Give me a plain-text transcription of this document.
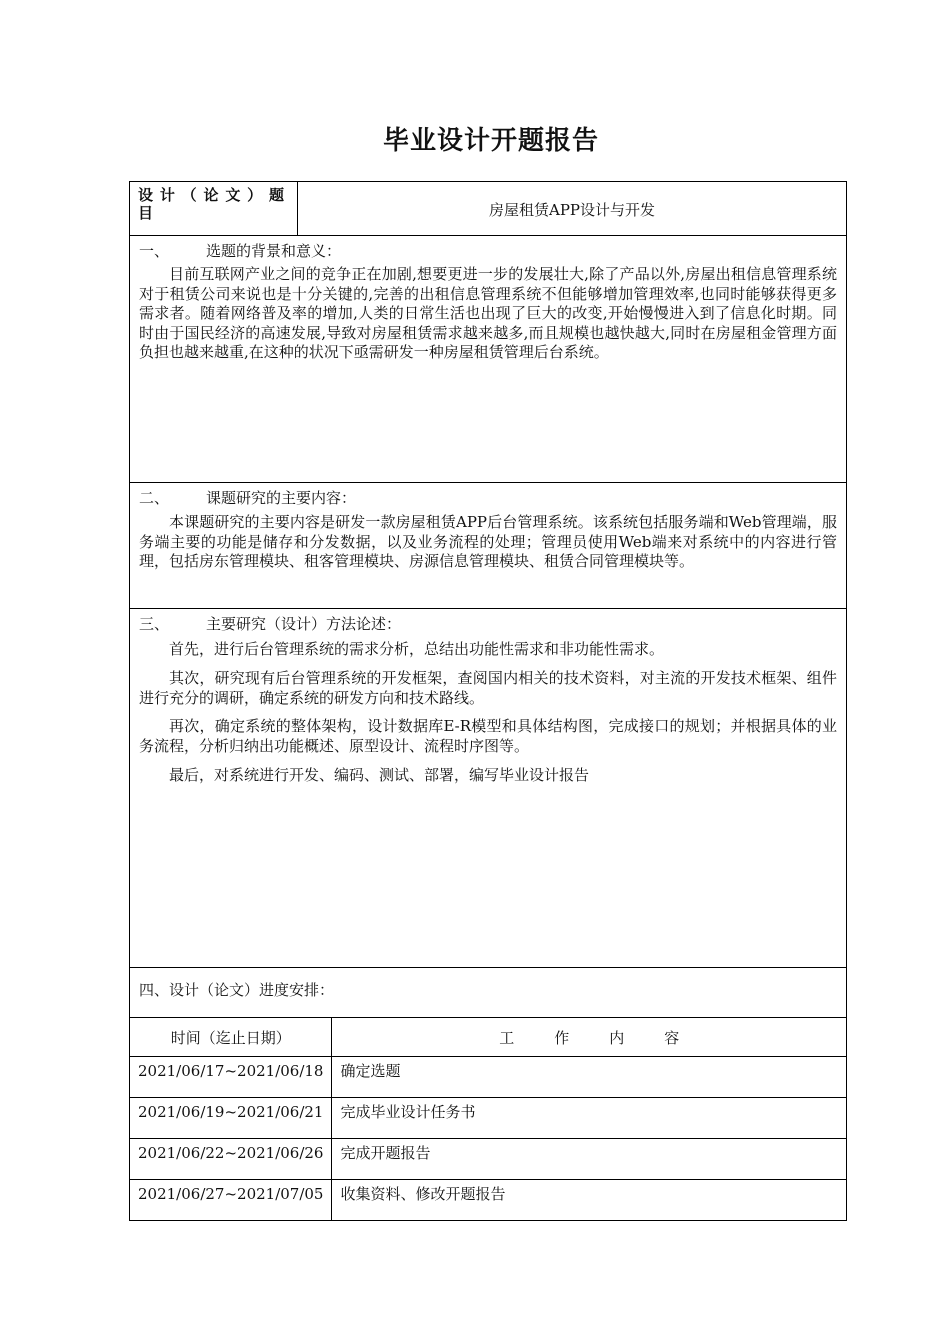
毕业设计开题报告
设计（论文）题目	房屋租赁APP设计与开发
一、 选题的背景和意义：
目前互联网产业之间的竞争正在加剧,想要更进一步的发展壮大,除了产品以外,房屋出租信息管理系统对于租赁公司来说也是十分关键的,完善的出租信息管理系统不但能够增加管理效率,也同时能够获得更多需求者。随着网络普及率的增加,人类的日常生活也出现了巨大的改变,开始慢慢进入到了信息化时期。同时由于国民经济的高速发展,导致对房屋租赁需求越来越多,而且规模也越快越大,同时在房屋租金管理方面负担也越来越重,在这种的状况下亟需研发一种房屋租赁管理后台系统。
二、 课题研究的主要内容：
本课题研究的主要内容是研发一款房屋租赁APP后台管理系统。该系统包括服务端和Web管理端，服务端主要的功能是储存和分发数据，以及业务流程的处理；管理员使用Web端来对系统中的内容进行管理，包括房东管理模块、租客管理模块、房源信息管理模块、租赁合同管理模块等。
三、 主要研究（设计）方法论述：
首先，进行后台管理系统的需求分析，总结出功能性需求和非功能性需求。
其次，研究现有后台管理系统的开发框架，查阅国内相关的技术资料，对主流的开发技术框架、组件进行充分的调研，确定系统的研发方向和技术路线。
再次，确定系统的整体架构，设计数据库E-R模型和具体结构图，完成接口的规划；并根据具体的业务流程，分析归纳出功能概述、原型设计、流程时序图等。
最后，对系统进行开发、编码、测试、部署，编写毕业设计报告
四、设计（论文）进度安排：
时间（迄止日期）	工作内容

2021/06/17~2021/06/18	确定选题

2021/06/19~2021/06/21	完成毕业设计任务书

2021/06/22~2021/06/26	完成开题报告

2021/06/27~2021/07/05	收集资料、修改开题报告
